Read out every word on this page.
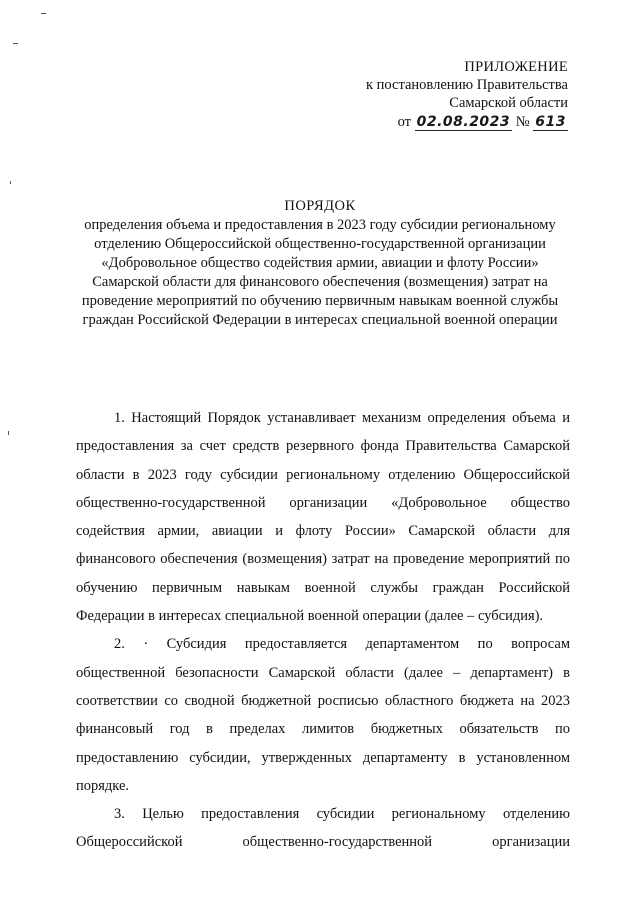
ПРИЛОЖЕНИЕ
к постановлению Правительства
Самарской области
от 02.08.2023 № 613
ПОРЯДОК
определения объема и предоставления в 2023 году субсидии региональному отделению Общероссийской общественно-государственной организации «Добровольное общество содействия армии, авиации и флоту России» Самарской области для финансового обеспечения (возмещения) затрат на проведение мероприятий по обучению первичным навыкам военной службы граждан Российской Федерации в интересах специальной военной операции

1. Настоящий Порядок устанавливает механизм определения объема и предоставления за счет средств резервного фонда Правительства Самарской области в 2023 году субсидии региональному отделению Общероссийской общественно-государственной организации «Добровольное общество содействия армии, авиации и флоту России» Самарской области для финансового обеспечения (возмещения) затрат на проведение мероприятий по обучению первичным навыкам военной службы граждан Российской Федерации в интересах специальной военной операции (далее – субсидия).

2. · Субсидия предоставляется департаментом по вопросам общественной безопасности Самарской области (далее – департамент) в соответствии со сводной бюджетной росписью областного бюджета на 2023 финансовый год в пределах лимитов бюджетных обязательств по предоставлению субсидии, утвержденных департаменту в установленном порядке.

3. Целью предоставления субсидии региональному отделению Общероссийской общественно-государственной организации
